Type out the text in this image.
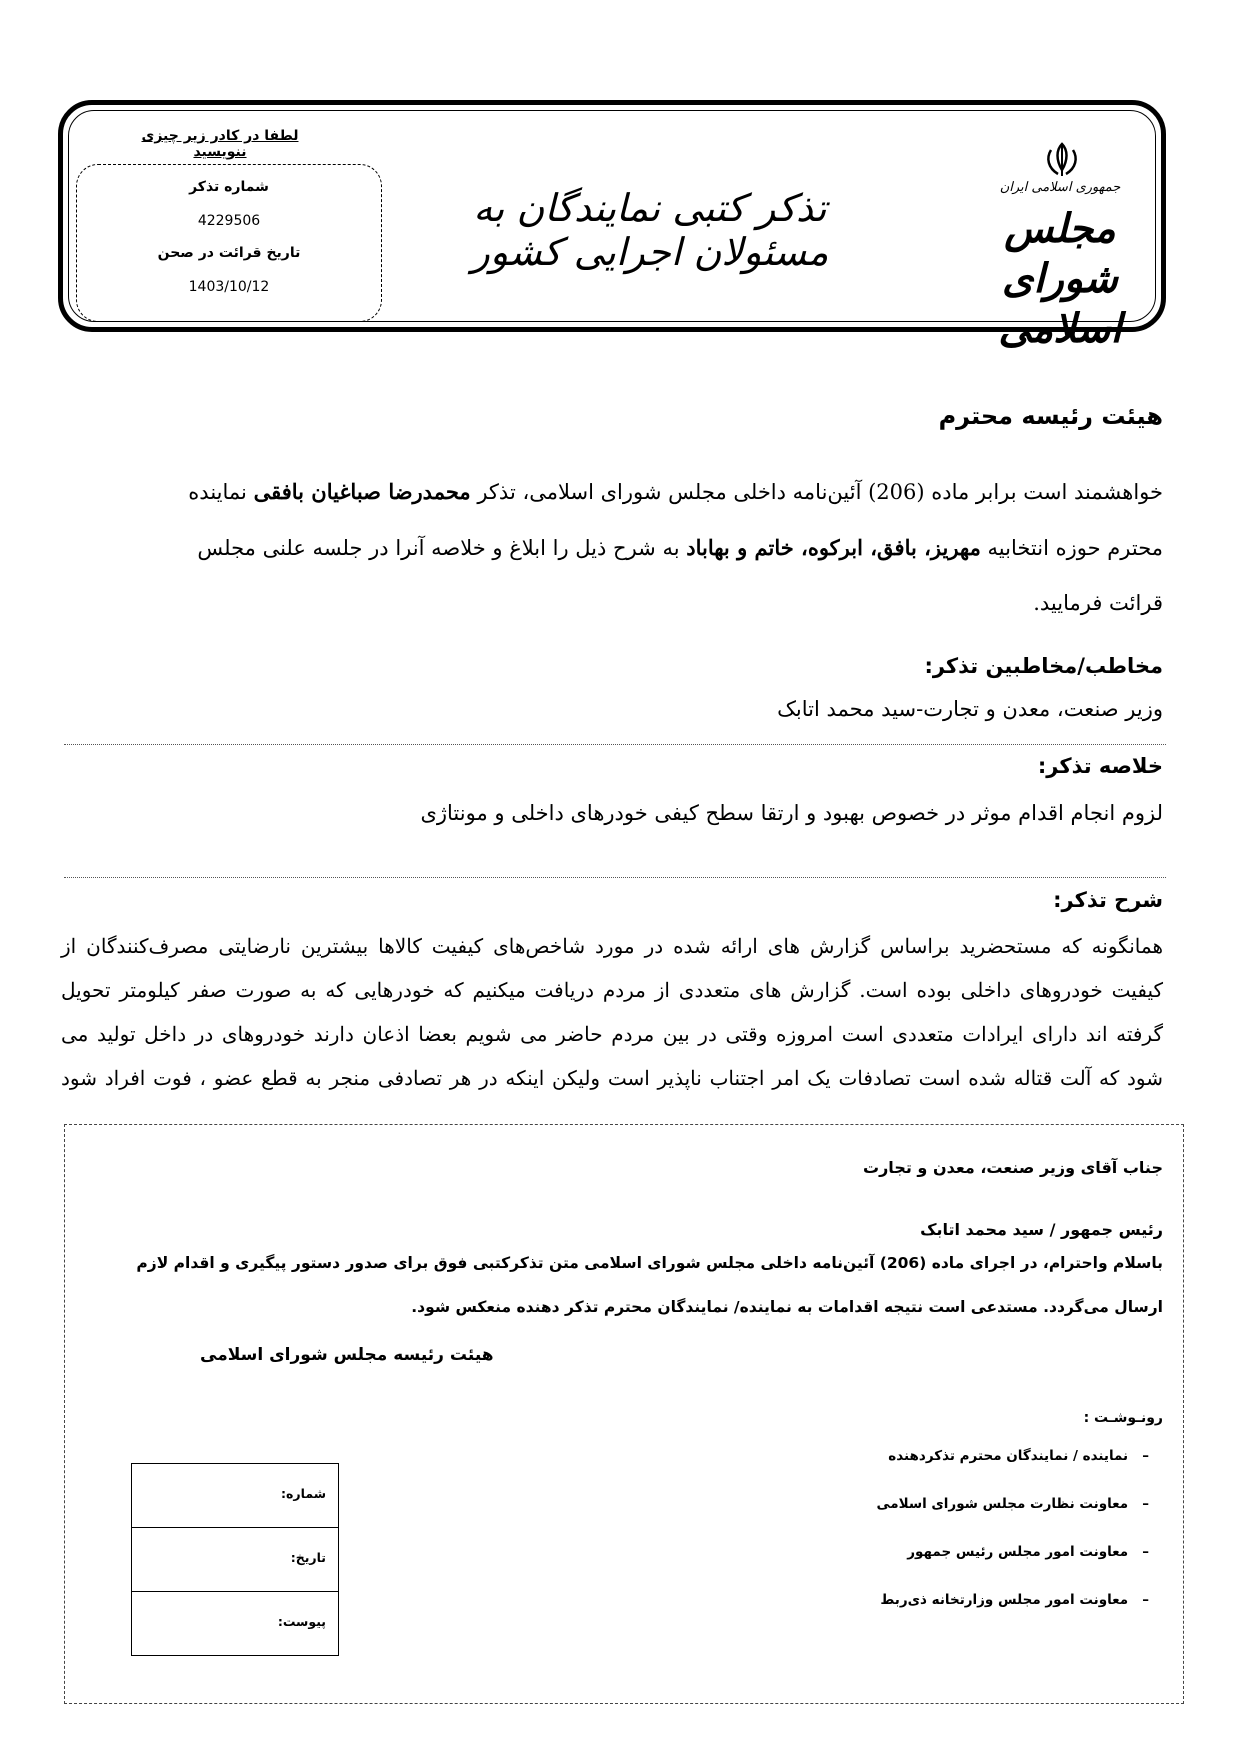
لطفا در کادر زیر چیزی ننویسید
شماره تذکر
4229506
تاریخ قرائت در صحن
1403/10/12
تذکر کتبی نمایندگان به مسئولان اجرایی کشور
جمهوری اسلامی ایران
مجلس شورای اسلامی
هیئت رئیسه محترم
خواهشمند است برابر ماده (206) آئین‌نامه داخلی مجلس شورای اسلامی، تذکر محمدرضا صباغیان بافقی نماینده
محترم حوزه انتخابیه مهریز، بافق، ابرکوه، خاتم و بهاباد به شرح ذیل را ابلاغ و خلاصه آنرا در جلسه علنی مجلس
قرائت فرمایید.
مخاطب/مخاطبین تذکر:
وزیر صنعت، معدن و تجارت-سید محمد اتابک
خلاصه تذکر:
لزوم انجام اقدام موثر در خصوص بهبود و ارتقا سطح کیفی خودرهای داخلی و مونتاژی
شرح تذکر:
همانگونه که مستحضرید براساس گزارش های ارائه شده در مورد شاخص‌های کیفیت کالاها بیشترین نارضایتی مصرف‌کنندگان از
کیفیت خودروهای داخلی بوده است. گزارش های متعددی از مردم دریافت میکنیم که خودرهایی که به صورت صفر کیلومتر تحویل
گرفته اند دارای ایرادات متعددی است امروزه وقتی در بین مردم حاضر می شویم بعضا اذعان دارند خودروهای در داخل تولید می
شود که آلت قتاله شده است تصادفات یک امر اجتناب ناپذیر است ولیکن اینکه در هر تصادفی منجر به قطع عضو ، فوت افراد شود
جناب آقای وزیر صنعت، معدن و تجارت
رئیس جمهور / سید محمد اتابک
باسلام واحترام، در اجرای ماده (206) آئین‌نامه داخلی مجلس شورای اسلامی متن تذکرکتبی فوق برای صدور دستور پیگیری و اقدام لازم
ارسال می‌گردد. مستدعی است نتیجه اقدامات به نماینده/ نمایندگان محترم تذکر دهنده منعکس شود.
هیئت رئیسه مجلس شورای اسلامی
رونـوشـت :
–   نماینده / نمایندگان محترم تذکردهنده
–   معاونت نظارت مجلس شورای اسلامی
–   معاونت امور مجلس رئیس جمهور
–   معاونت امور مجلس وزارتخانه ذی‌ربط
شماره:
تاریخ:
پیوست:
